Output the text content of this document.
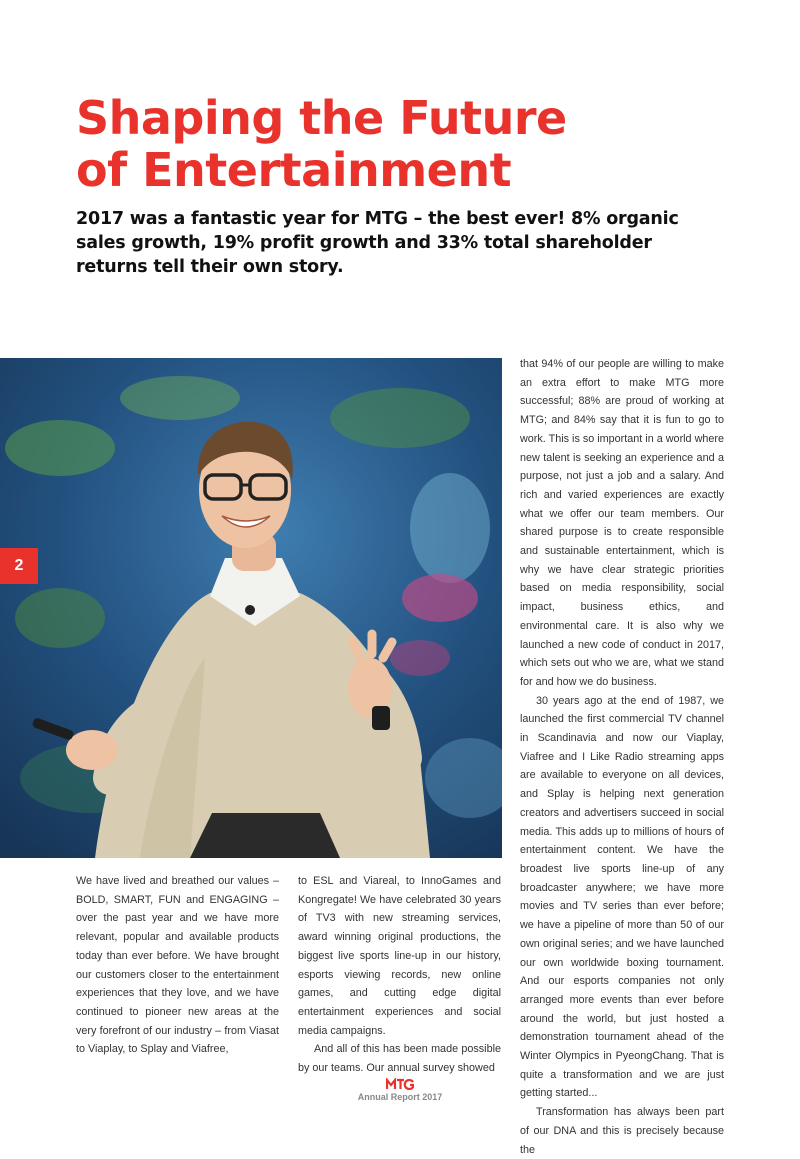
Shaping the Future
of Entertainment

2017 was a fantastic year for MTG – the best ever! 8% organic sales growth, 19% profit growth and 33% total shareholder returns tell their own story.

2

We have lived and breathed our values – BOLD, SMART, FUN and ENGAGING – over the past year and we have more relevant, popular and available products today than ever before. We have brought our customers closer to the entertainment experiences that they love, and we have continued to pioneer new areas at the very forefront of our industry – from Viasat to Viaplay, to Splay and Viafree,

to ESL and Viareal, to InnoGames and Kongregate! We have celebrated 30 years of TV3 with new streaming services, award winning original productions, the biggest live sports line-up in our history, esports viewing records, new online games, and cutting edge digital entertainment experiences and social media campaigns.

And all of this has been made possible by our teams. Our annual survey showed

that 94% of our people are willing to make an extra effort to make MTG more successful; 88% are proud of working at MTG; and 84% say that it is fun to go to work. This is so important in a world where new talent is seeking an experience and a purpose, not just a job and a salary. And rich and varied experiences are exactly what we offer our team members. Our shared purpose is to create responsible and sustainable entertainment, which is why we have clear strategic priorities based on media responsibility, social impact, business ethics, and environmental care. It is also why we launched a new code of conduct in 2017, which sets out who we are, what we stand for and how we do business.

30 years ago at the end of 1987, we launched the first commercial TV channel in Scandinavia and now our Viaplay, Viafree and I Like Radio streaming apps are available to everyone on all devices, and Splay is helping next generation creators and advertisers succeed in social media. This adds up to millions of hours of entertainment content. We have the broadest live sports line-up of any broadcaster anywhere; we have more movies and TV series than ever before; we have a pipeline of more than 50 of our own original series; and we have launched our own worldwide boxing tournament. And our esports companies not only arranged more events than ever before around the world, but just hosted a demonstration tournament ahead of the Winter Olympics in PyeongChang. That is quite a transformation and we are just getting started...

Transformation has always been part of our DNA and this is precisely because the

Annual Report 2017
